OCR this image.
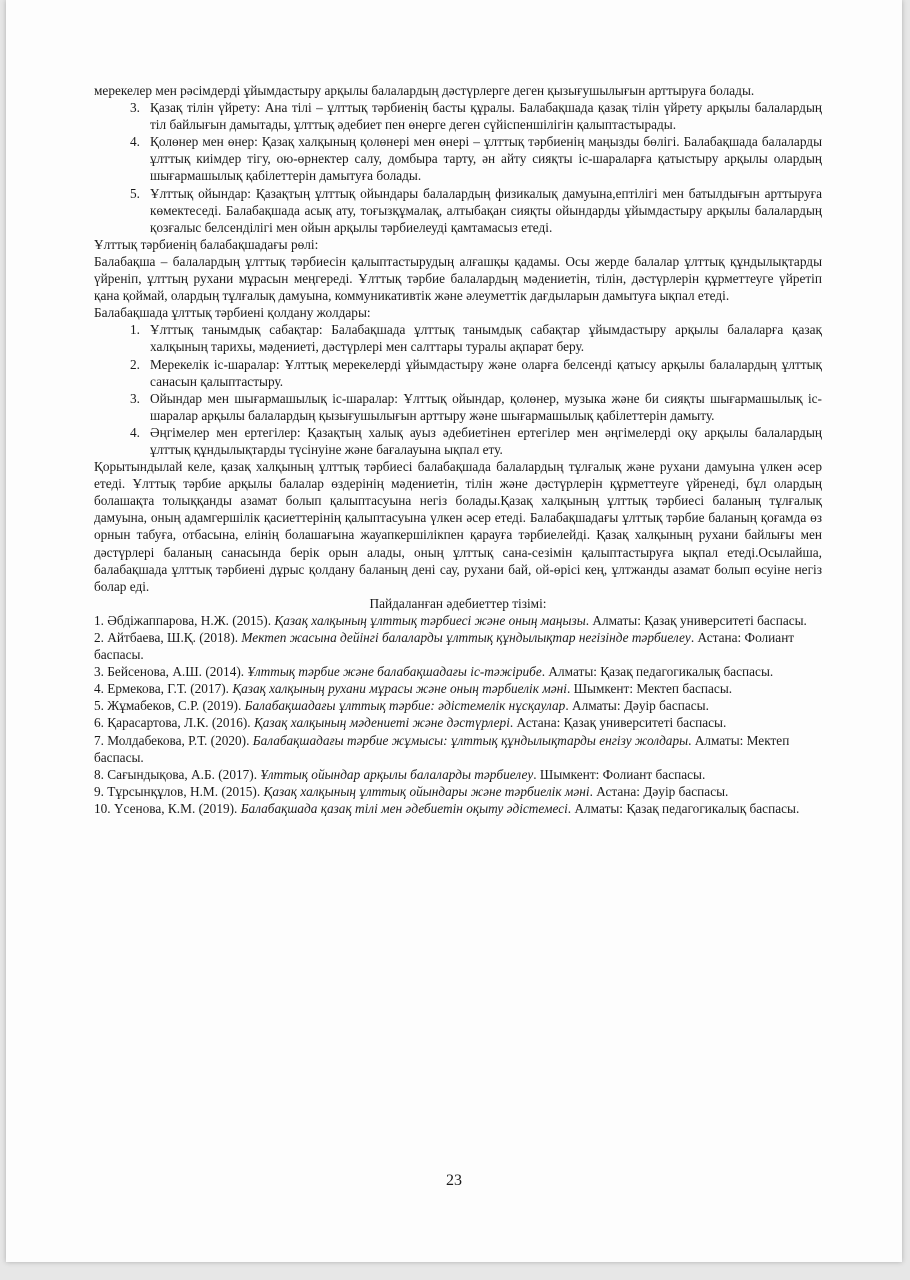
мерекелер мен рәсімдерді ұйымдастыру арқылы балалардың дәстүрлерге деген қызығушылығын арттыруға болады.

3. Қазақ тілін үйрету: Ана тілі – ұлттық тәрбиенің басты құралы. Балабақшада қазақ тілін үйрету арқылы балалардың тіл байлығын дамытады, ұлттық әдебиет пен өнерге деген сүйіспеншілігін қалыптастырады.
4. Қолөнер мен өнер: Қазақ халқының қолөнері мен өнері – ұлттық тәрбиенің маңызды бөлігі. Балабақшада балаларды ұлттық киімдер тігу, ою-өрнектер салу, домбыра тарту, ән айту сияқты іс-шараларға қатыстыру арқылы олардың шығармашылық қабілеттерін дамытуға болады.
5. Ұлттық ойындар: Қазақтың ұлттық ойындары балалардың физикалық дамуына,ептілігі мен батылдығын арттыруға көмектеседі. Балабақшада асық ату, тоғызқұмалақ, алтыбақан сияқты ойындарды ұйымдастыру арқылы балалардың қозғалыс белсенділігі мен ойын арқылы тәрбиелеуді қамтамасыз етеді.
Ұлттық тәрбиенің балабақшадағы рөлі:

Балабақша – балалардың ұлттық тәрбиесін қалыптастырудың алғашқы қадамы. Осы жерде балалар ұлттық құндылықтарды үйреніп, ұлттың рухани мұрасын меңгереді. Ұлттық тәрбие балалардың мәдениетін, тілін, дәстүрлерін құрметтеуге үйретіп қана қоймай, олардың тұлғалық дамуына, коммуникативтік және әлеуметтік дағдыларын дамытуға ықпал етеді.

Балабақшада ұлттық тәрбиені қолдану жолдары:
1. Ұлттық танымдық сабақтар: Балабақшада ұлттық танымдық сабақтар ұйымдастыру арқылы балаларға қазақ халқының тарихы, мәдениеті, дәстүрлері мен салттары туралы ақпарат беру.
2. Мерекелік іс-шаралар: Ұлттық мерекелерді ұйымдастыру және оларға белсенді қатысу арқылы балалардың ұлттық санасын қалыптастыру.
3. Ойындар мен шығармашылық іс-шаралар: Ұлттық ойындар, қолөнер, музыка және би сияқты шығармашылық іс-шаралар арқылы балалардың қызығушылығын арттыру және шығармашылық қабілеттерін дамыту.
4. Әңгімелер мен ертегілер: Қазақтың халық ауыз әдебиетінен ертегілер мен әңгімелерді оқу арқылы балалардың ұлттық құндылықтарды түсінуіне және бағалауына ықпал ету.

Қорытындылай келе, қазақ халқының ұлттық тәрбиесі балабақшада балалардың тұлғалық және рухани дамуына үлкен әсер етеді. Ұлттық тәрбие арқылы балалар өздерінің мәдениетін, тілін және дәстүрлерін құрметтеуге үйренеді, бұл олардың болашақта толыққанды азамат болып қалыптасуына негіз болады.Қазақ халқының ұлттық тәрбиесі баланың тұлғалық дамуына, оның адамгершілік қасиеттерінің қалыптасуына үлкен әсер етеді. Балабақшадағы ұлттық тәрбие баланың қоғамда өз орнын табуға, отбасына, елінің болашағына жауапкершілікпен қарауға тәрбиелейді. Қазақ халқының рухани байлығы мен дәстүрлері баланың санасында берік орын алады, оның ұлттық сана-сезімін қалыптастыруға ықпал етеді.Осылайша, балабақшада ұлттық тәрбиені дұрыс қолдану баланың дені сау, рухани бай, ой-өрісі кең, ұлтжанды азамат болып өсуіне негіз болар еді.

Пайдаланған әдебиеттер тізімі:
1. Әбдіжаппарова, Н.Ж. (2015). Қазақ халқының ұлттық тәрбиесі және оның маңызы. Алматы: Қазақ университеті баспасы.
2. Айтбаева, Ш.Қ. (2018). Мектеп жасына дейінгі балаларды ұлттық құндылықтар негізінде тәрбиелеу. Астана: Фолиант баспасы.
3. Бейсенова, А.Ш. (2014). Ұлттық тәрбие және балабақшадағы іс-тәжірибе. Алматы: Қазақ педагогикалық баспасы.
4. Ермекова, Г.Т. (2017). Қазақ халқының рухани мұрасы және оның тәрбиелік мәні. Шымкент: Мектеп баспасы.
5. Жұмабеков, С.Р. (2019). Балабақшадағы ұлттық тәрбие: әдістемелік нұсқаулар. Алматы: Дәуір баспасы.
6. Қарасартова, Л.К. (2016). Қазақ халқының мәдениеті және дәстүрлері. Астана: Қазақ университеті баспасы.
7. Молдабекова, Р.Т. (2020). Балабақшадағы тәрбие жұмысы: ұлттық құндылықтарды енгізу жолдары. Алматы: Мектеп баспасы.
8. Сағындықова, А.Б. (2017). Ұлттық ойындар арқылы балаларды тәрбиелеу. Шымкент: Фолиант баспасы.
9. Тұрсынқұлов, Н.М. (2015). Қазақ халқының ұлттық ойындары және тәрбиелік мәні. Астана: Дәуір баспасы.
10. Үсенова, К.М. (2019). Балабақшада қазақ тілі мен әдебиетін оқыту әдістемесі. Алматы: Қазақ педагогикалық баспасы.
23
